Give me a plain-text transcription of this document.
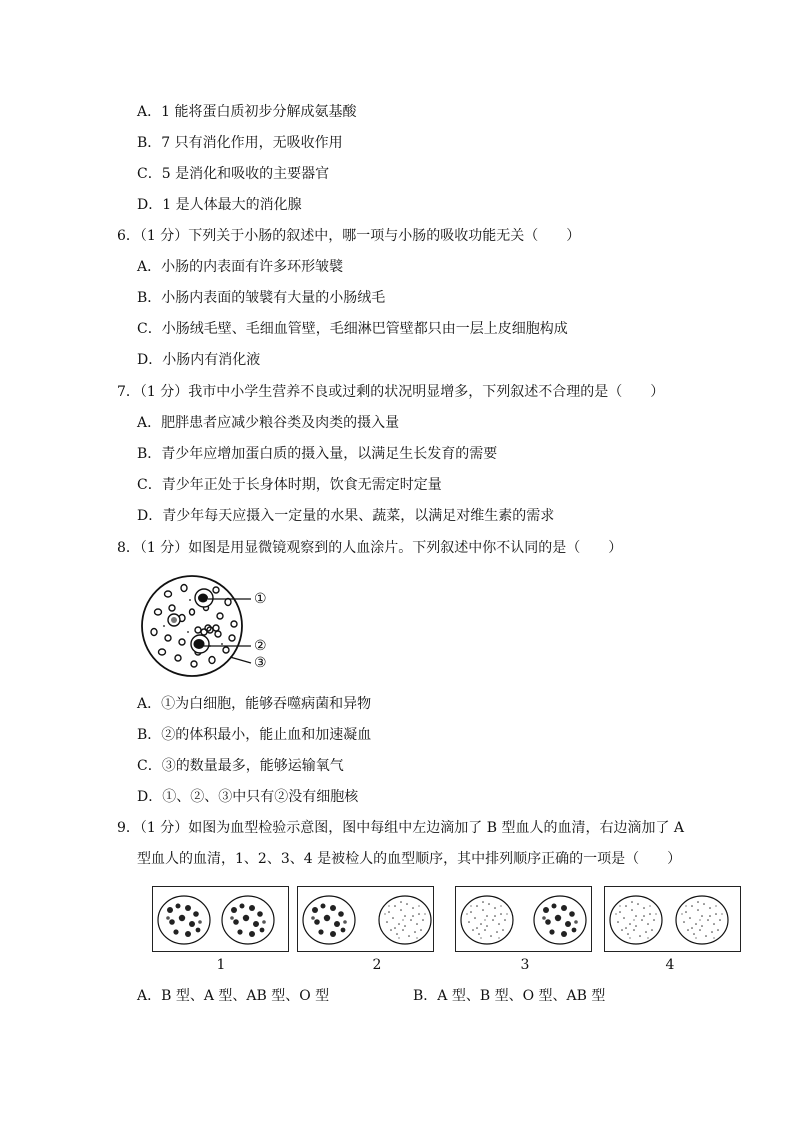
A．1 能将蛋白质初步分解成氨基酸
B．7 只有消化作用，无吸收作用
C．5 是消化和吸收的主要器官
D．1 是人体最大的消化腺
6．（1 分）下列关于小肠的叙述中，哪一项与小肠的吸收功能无关（　　）
A．小肠的内表面有许多环形皱襞
B．小肠内表面的皱襞有大量的小肠绒毛
C．小肠绒毛壁、毛细血管壁，毛细淋巴管壁都只由一层上皮细胞构成
D．小肠内有消化液
7．（1 分）我市中小学生营养不良或过剩的状况明显增多，下列叙述不合理的是（　　）
A．肥胖患者应减少粮谷类及肉类的摄入量
B．青少年应增加蛋白质的摄入量，以满足生长发育的需要
C．青少年正处于长身体时期，饮食无需定时定量
D．青少年每天应摄入一定量的水果、蔬菜，以满足对维生素的需求
8．（1 分）如图是用显微镜观察到的人血涂片。下列叙述中你不认同的是（　　）
①
②
③
A．①为白细胞，能够吞噬病菌和异物
B．②的体积最小，能止血和加速凝血
C．③的数量最多，能够运输氧气
D．①、②、③中只有②没有细胞核
9．（1 分）如图为血型检验示意图，图中每组中左边滴加了 B 型血人的血清，右边滴加了 A
型血人的血清，1、2、3、4 是被检人的血型顺序，其中排列顺序正确的一项是（　　）
1	2	3	4
A．B 型、A 型、AB 型、O 型	B．A 型、B 型、O 型、AB 型
